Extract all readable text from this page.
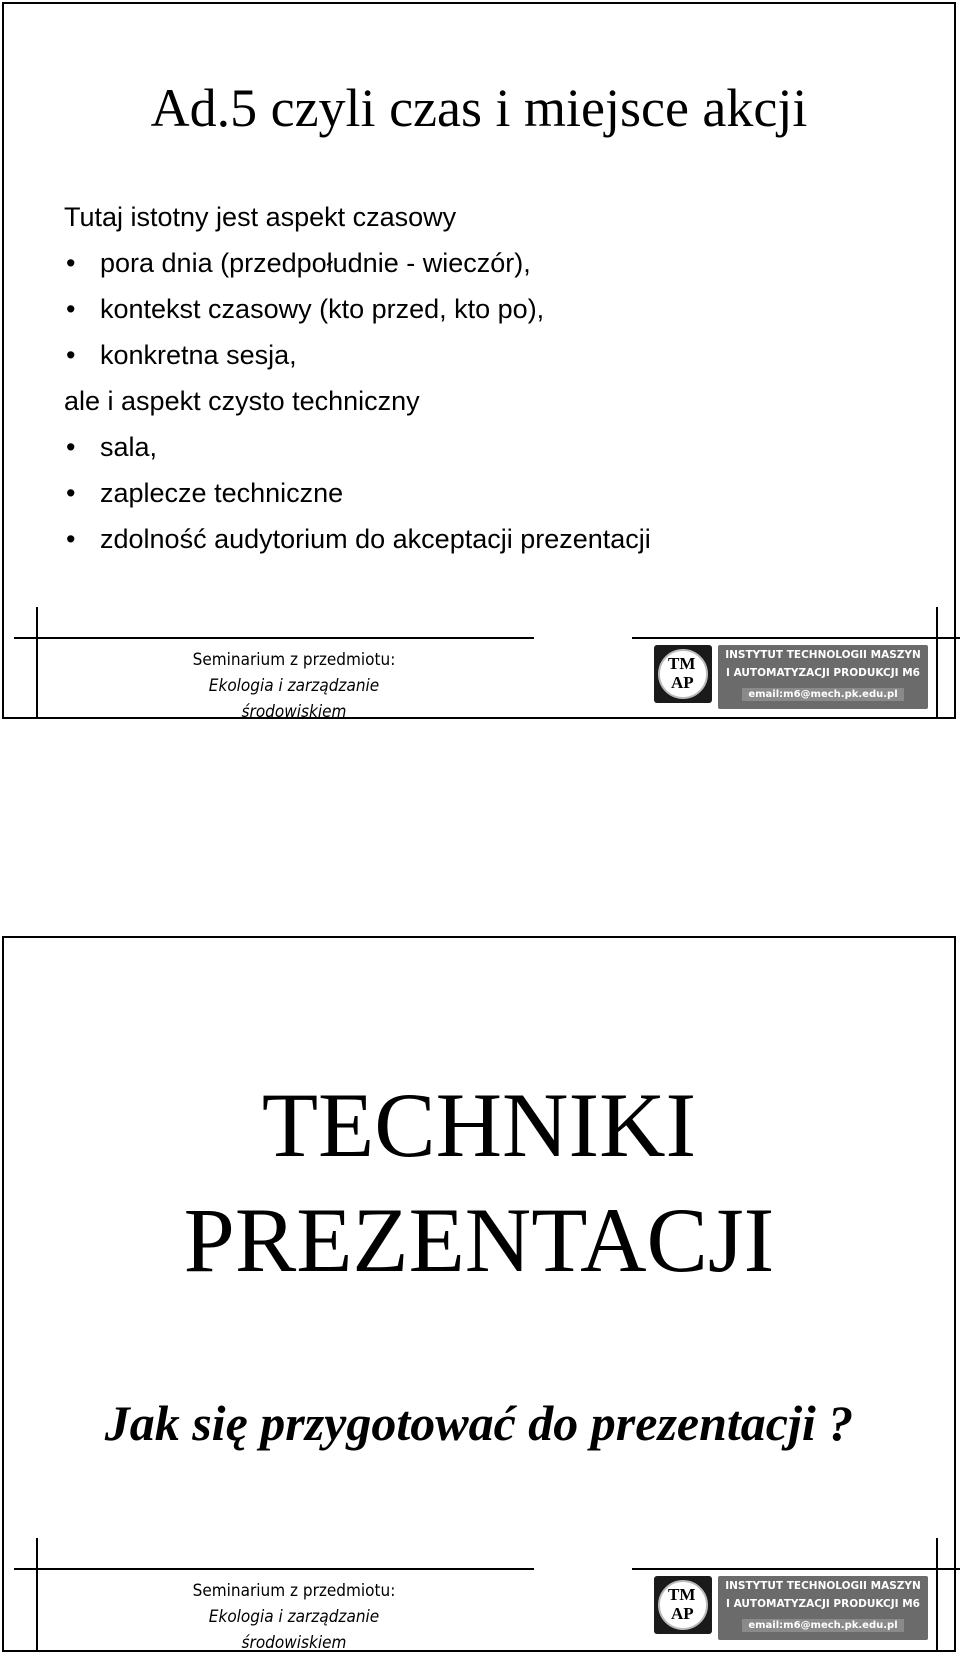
Ad.5 czyli czas i miejsce akcji
Tutaj istotny jest aspekt czasowy
• pora dnia (przedpołudnie - wieczór),
• kontekst czasowy (kto przed, kto po),
• konkretna sesja,
ale i aspekt czysto techniczny
• sala,
• zaplecze techniczne
• zdolność audytorium do akceptacji prezentacji
Seminarium z przedmiotu:
Ekologia i zarządzanie środowiskiem
TM
AP
INSTYTUT TECHNOLOGII MASZYN
I AUTOMATYZACJI PRODUKCJI M6
email:m6@mech.pk.edu.pl
TECHNIKI
PREZENTACJI
Jak się przygotować do prezentacji ?
Seminarium z przedmiotu:
Ekologia i zarządzanie środowiskiem
TM
AP
INSTYTUT TECHNOLOGII MASZYN
I AUTOMATYZACJI PRODUKCJI M6
email:m6@mech.pk.edu.pl
